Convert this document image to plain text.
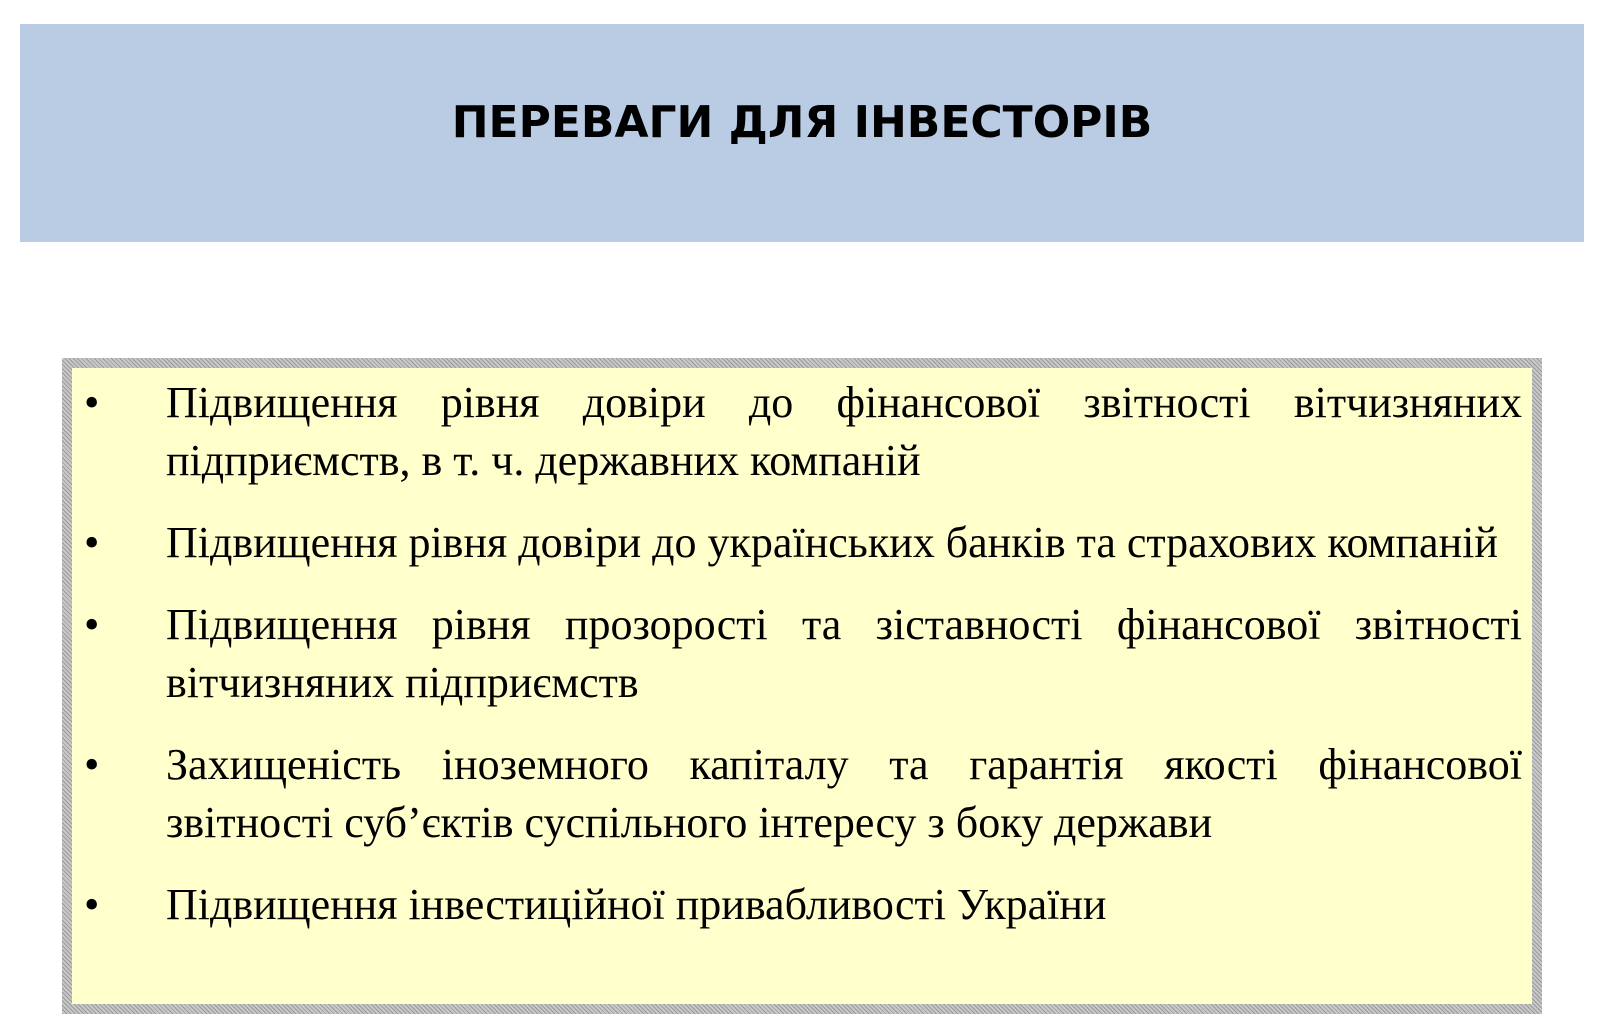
ПЕРЕВАГИ ДЛЯ ІНВЕСТОРІВ
•	Підвищення рівня довіри до фінансової звітності вітчизняних підприємств, в т. ч. державних компаній
•	Підвищення рівня довіри до українських банків та страхових компаній
•	Підвищення рівня прозорості та зіставності фінансової звітності вітчизняних підприємств
•	Захищеність іноземного капіталу та гарантія якості фінансової звітності суб’єктів суспільного інтересу з боку держави
•	Підвищення інвестиційної привабливості України
